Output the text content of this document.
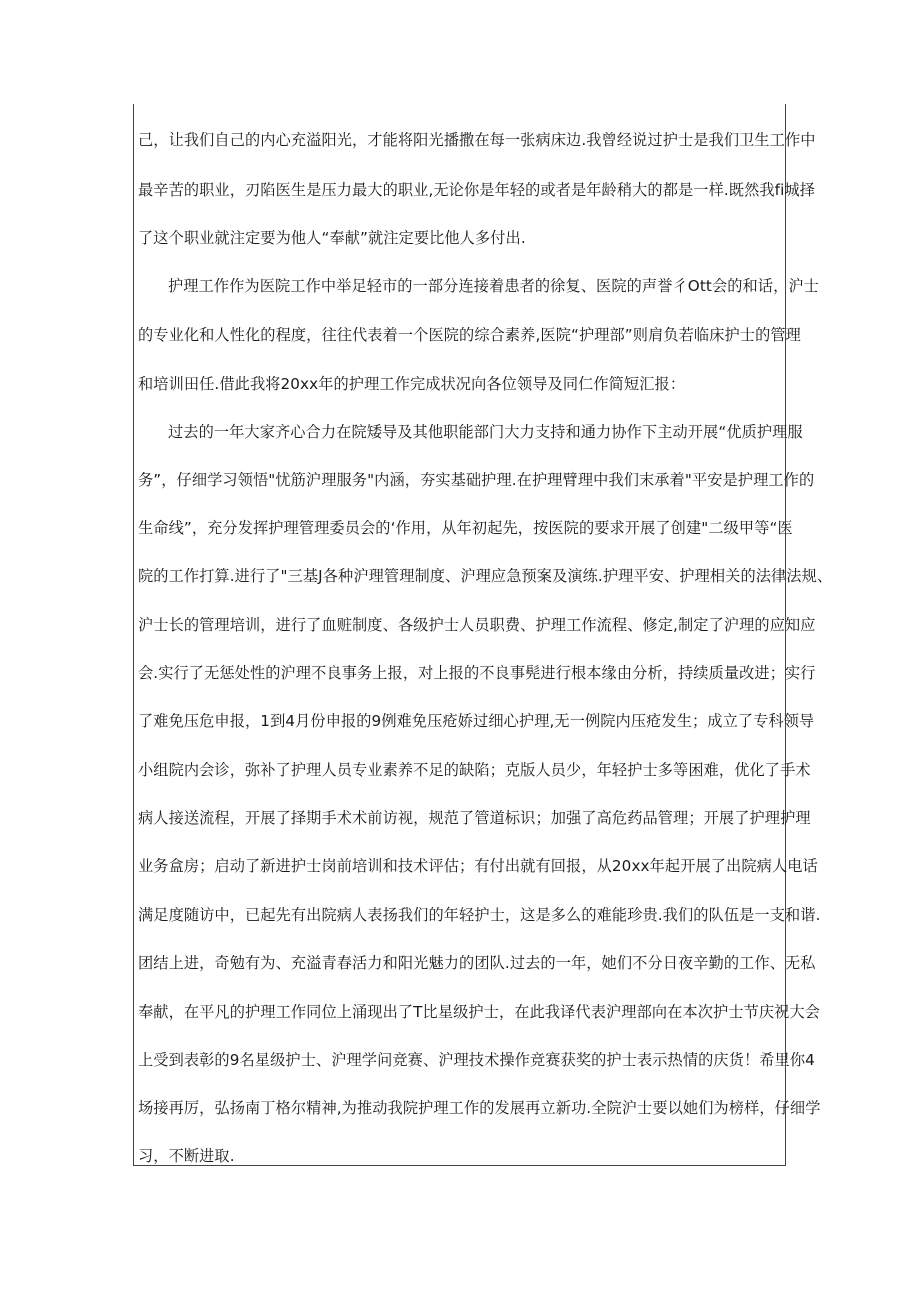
己，让我们自己的内心充溢阳光，才能将阳光播撒在每一张病床边.我曾经说过护士是我们卫生工作中
最辛苦的职业，刃陷医生是压力最大的职业,无论你是年轻的或者是年龄稍大的都是一样.既然我fi城择
了这个职业就注定要为他人“奉献”就注定要比他人多付出.
护理工作作为医院工作中举足轻市的一部分连接着患者的徐复、医院的声誉彳Ott会的和话，沪士
的专业化和人性化的程度，往往代表着一个医院的综合素养,医院“护理部”则肩负若临床护士的管理
和培训田任.借此我将20xx年的护理工作完成状况向各位领导及同仁作简短汇报：
过去的一年大家齐心合力在院矮导及其他职能部门大力支持和通力协作下主动开展“优质护理服
务”，仔细学习领悟"忧筋沪理服务"内涵，夯实基础护理.在护理臂理中我们末承着"平安是护理工作的
生命线”，充分发挥护理管理委员会的‘作用，从年初起先，按医院的要求开展了创建"二级甲等“医
院的工作打算.进行了"三基J各种沪理管理制度、沪理应急预案及演练.护理平安、护理相关的法律法规、
沪士长的管理培训，进行了血赃制度、各级护士人员职费、护理工作流程、修定,制定了沪理的应知应
会.实行了无惩处性的沪理不良事务上报，对上报的不良事髡进行根本缘由分析，持续质量改进；实行
了难免压危申报，1到4月份申报的9例难免压疮娇过细心护理,无一例院内压疮发生；成立了专科领导
小组院内会诊，弥补了护理人员专业素养不足的缺陷；克版人员少，年轻护士多等困难，优化了手术
病人接送流程，开展了择期手术术前访视，规范了管道标识；加强了高危药品管理；开展了护理护理
业务盒房；启动了新进护士岗前培训和技术评估；有付出就有回报，从20xx年起开展了出院病人电话
满足度随访中，已起先有出院病人表扬我们的年轻护士，这是多么的难能珍贵.我们的队伍是一支和谐.
团结上进，奇勉有为、充溢青春活力和阳光魅力的团队.过去的一年，她们不分日夜辛勤的工作、无私
奉献，在平凡的护理工作同位上涌现出了T比星级护士，在此我译代表沪理部向在本次护士节庆祝大会
上受到表彰的9名星级护士、沪理学问竞赛、沪理技术操作竞赛获奖的护士表示热情的庆货！希里你4
场接再厉，弘扬南丁格尔精神,为推动我院护理工作的发展再立新功.全院沪士要以她们为榜样，仔细学
习，不断进取.
